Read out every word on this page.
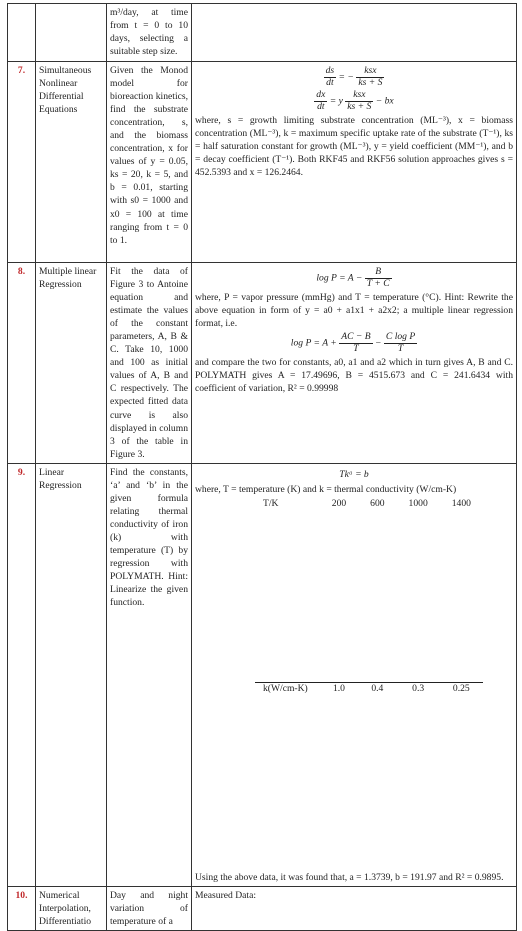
		m³/day, at time from t = 0 to 10 days, selecting a suitable step size.	
7.	Simultaneous Nonlinear Differential Equations	Given the Monod model for bioreaction kinetics, find the substrate concentration, s, and the biomass concentration, x for values of y = 0.05, ks = 20, k = 5, and b = 0.01, starting with s0 = 1000 and x0 = 100 at time ranging from t = 0 to 1.	
$\frac{ds}{dt}$ = − $\frac{\text{ksx}}{ks + S}$
$\frac{dx}{dt} = y \frac{\text{ksx}}{ks + S}$ − bx
where, s = growth limiting substrate concentration (ML⁻³), x = biomass concentration (ML⁻³), k = maximum specific uptake rate of the substrate (T⁻¹), ks = half saturation constant for growth (ML⁻³), y = yield coefficient (MM⁻¹), and b = decay coefficient (T⁻¹). Both RKF45 and RKF56 solution approaches gives s = 452.5393 and x = 126.2464.

8.	Multiple linear Regression	Fit the data of Figure 3 to Antoine equation and estimate the values of the constant parameters, A, B & C. Take 10, 1000 and 100 as initial values of A, B and C respectively. The expected fitted data curve is also displayed in column 3 of the table in Figure 3.	
$\log P = A - \frac{B}{T + C}$
where, P = vapor pressure (mmHg) and T = temperature (°C). Hint: Rewrite the above equation in form of y = a0 + a1x1 + a2x2; a multiple linear regression format, i.e.
$\log P = A + \frac{AC - B}{T} - \frac{\text{C log P}}{T}$
and compare the two for constants, a0, a1 and a2 which in turn gives A, B and C. POLYMATH gives A = 17.49696, B = 4515.673 and C = 241.6434 with coefficient of variation, R² = 0.99998

9.	Linear Regression	Find the constants, ‘a’ and ‘b’ in the given formula relating thermal conductivity of iron (k) with temperature (T) by regression with POLYMATH. Hint: Linearize the given function.	
Tkᵃ = b
where, T = temperature (K) and k = thermal conductivity (W/cm-K)
T/K	200	600	1000	1400
k(W/cm-K)	1.0	0.4	0.3	0.25
Using the above data, it was found that, a = 1.3739, b = 191.97 and R² = 0.9895.

10.	Numerical Interpolation, Differentiatio	Day and night variation of temperature of a	Measured Data:
